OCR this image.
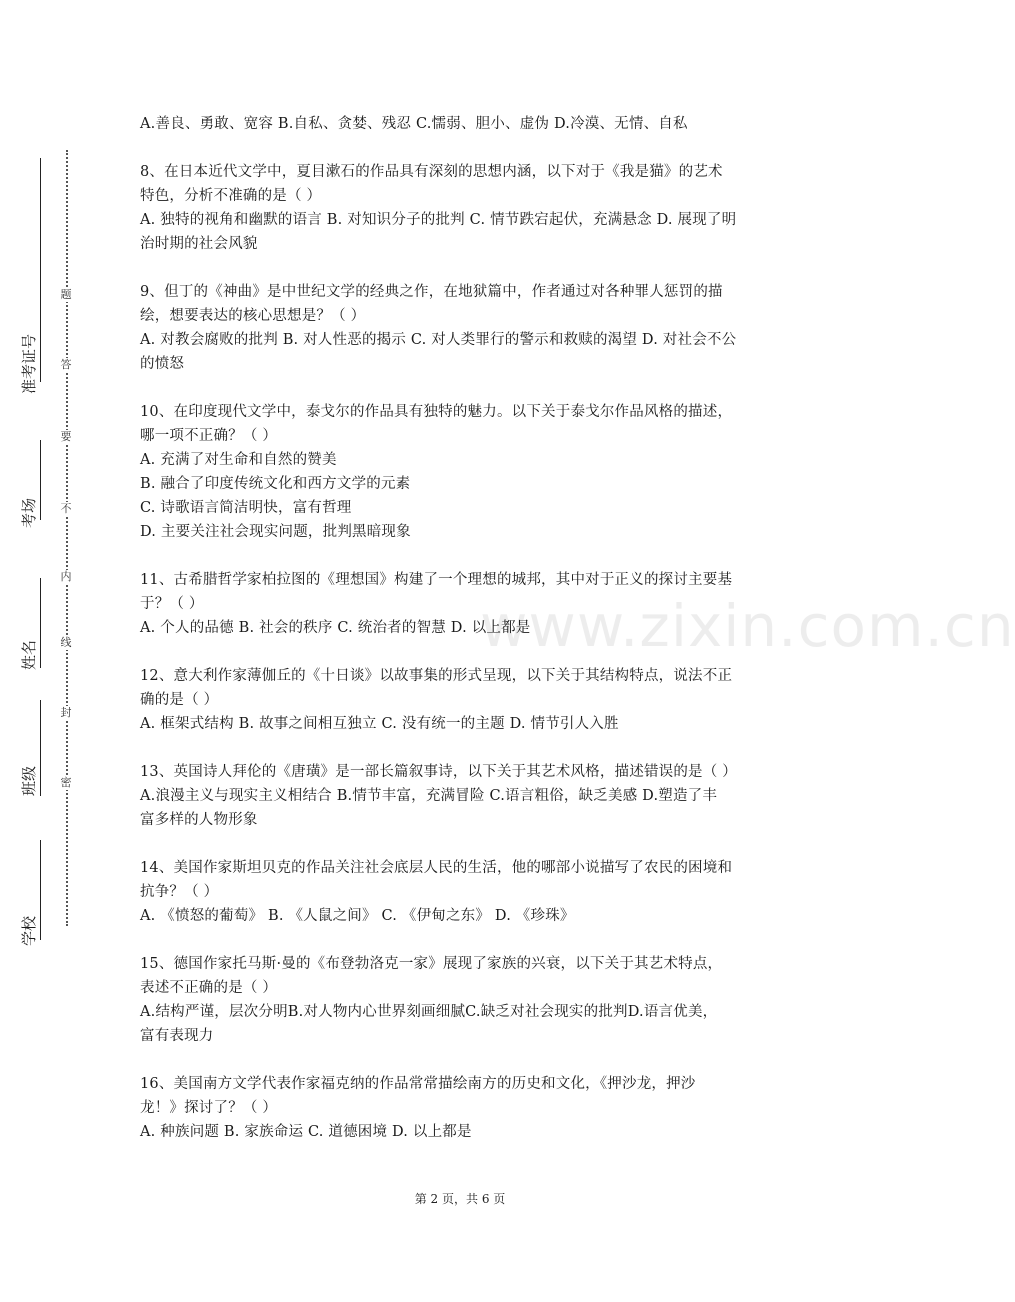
题
答
要
不
内
线
封
密
准考证号
考场
姓名
班级
学校
www.zixin.com.cn
A.善良、勇敢、宽容 B.自私、贪婪、残忍 C.懦弱、胆小、虚伪 D.冷漠、无情、自私
8、在日本近代文学中，夏目漱石的作品具有深刻的思想内涵，以下对于《我是猫》的艺术
特色，分析不准确的是（ ）
A. 独特的视角和幽默的语言 B. 对知识分子的批判 C. 情节跌宕起伏，充满悬念 D. 展现了明
治时期的社会风貌
9、但丁的《神曲》是中世纪文学的经典之作，在地狱篇中，作者通过对各种罪人惩罚的描
绘，想要表达的核心思想是？（ ）
A. 对教会腐败的批判 B. 对人性恶的揭示 C. 对人类罪行的警示和救赎的渴望 D. 对社会不公
的愤怒
10、在印度现代文学中，泰戈尔的作品具有独特的魅力。以下关于泰戈尔作品风格的描述，
哪一项不正确？（ ）
A. 充满了对生命和自然的赞美
B. 融合了印度传统文化和西方文学的元素
C. 诗歌语言简洁明快，富有哲理
D. 主要关注社会现实问题，批判黑暗现象
11、古希腊哲学家柏拉图的《理想国》构建了一个理想的城邦，其中对于正义的探讨主要基
于？（ ）
A. 个人的品德 B. 社会的秩序 C. 统治者的智慧 D. 以上都是
12、意大利作家薄伽丘的《十日谈》以故事集的形式呈现，以下关于其结构特点，说法不正
确的是（ ）
A. 框架式结构 B. 故事之间相互独立 C. 没有统一的主题 D. 情节引人入胜
13、英国诗人拜伦的《唐璜》是一部长篇叙事诗，以下关于其艺术风格，描述错误的是（ ）
A.浪漫主义与现实主义相结合 B.情节丰富，充满冒险 C.语言粗俗，缺乏美感 D.塑造了丰
富多样的人物形象
14、美国作家斯坦贝克的作品关注社会底层人民的生活，他的哪部小说描写了农民的困境和
抗争？（ ）
A. 《愤怒的葡萄》 B. 《人鼠之间》 C. 《伊甸之东》 D. 《珍珠》
15、德国作家托马斯·曼的《布登勃洛克一家》展现了家族的兴衰，以下关于其艺术特点，
表述不正确的是（ ）
A.结构严谨，层次分明B.对人物内心世界刻画细腻C.缺乏对社会现实的批判D.语言优美，
富有表现力
16、美国南方文学代表作家福克纳的作品常常描绘南方的历史和文化，《押沙龙，押沙
龙！》探讨了？（ ）
A. 种族问题 B. 家族命运 C. 道德困境 D. 以上都是
第 2 页，共 6 页
